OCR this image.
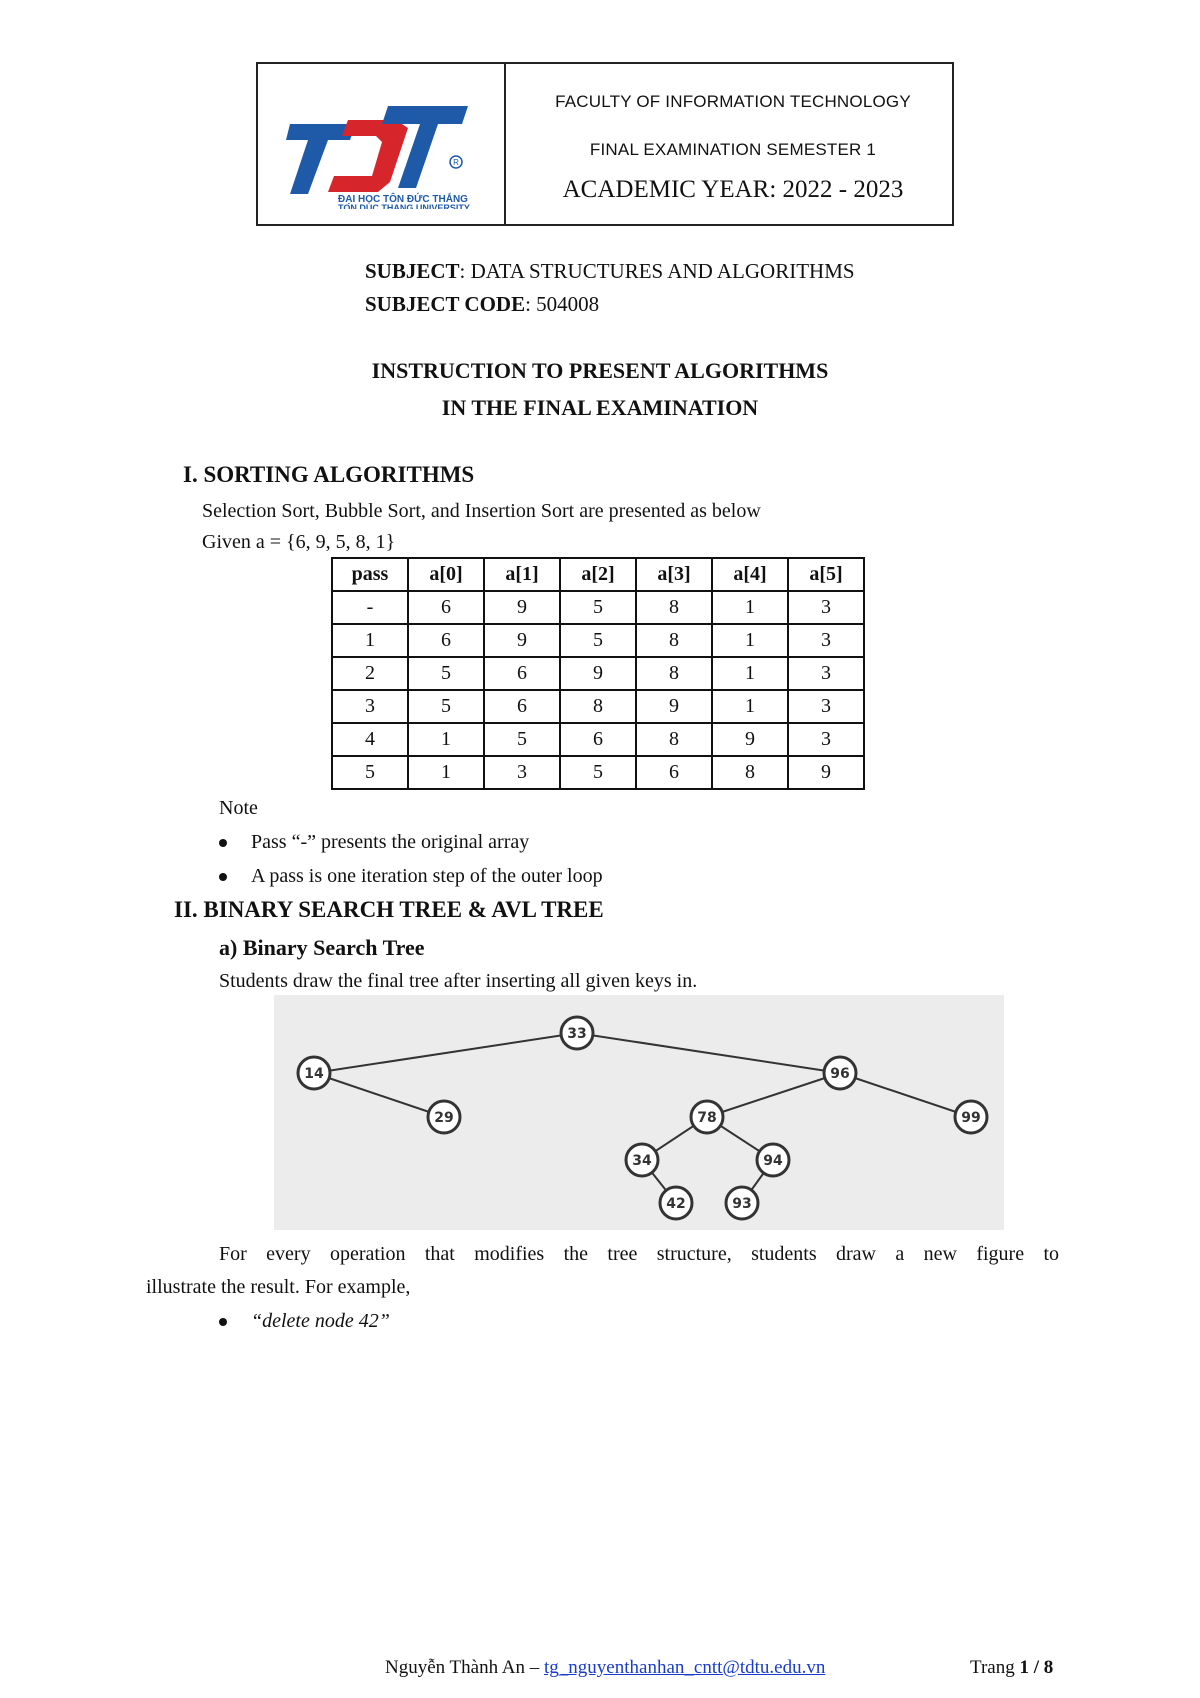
R
ĐẠI HỌC TÔN ĐỨC THẮNG
TON DUC THANG UNIVERSITY
FACULTY OF INFORMATION TECHNOLOGY
FINAL EXAMINATION SEMESTER 1
ACADEMIC YEAR: 2022 - 2023
SUBJECT: DATA STRUCTURES AND ALGORITHMS
SUBJECT CODE: 504008
INSTRUCTION TO PRESENT ALGORITHMS
IN THE FINAL EXAMINATION
I. SORTING ALGORITHMS
Selection Sort, Bubble Sort, and Insertion Sort are presented as below
Given a = {6, 9, 5, 8, 1}
pass	a[0]	a[1]	a[2]	a[3]	a[4]	a[5]
-	6	9	5	8	1	3
1	6	9	5	8	1	3
2	5	6	9	8	1	3
3	5	6	8	9	1	3
4	1	5	6	8	9	3
5	1	3	5	6	8	9
Note
Pass “-” presents the original array
A pass is one iteration step of the outer loop
II. BINARY SEARCH TREE & AVL TREE
a) Binary Search Tree
Students draw the final tree after inserting all given keys in.
33
14	96
29	78	99
34	94
42	93
For every operation that modifies the tree structure, students draw a new figure to
illustrate the result. For example,
“delete node 42”
Nguyễn Thành An – tg_nguyenthanhan_cntt@tdtu.edu.vn	Trang 1 / 8
